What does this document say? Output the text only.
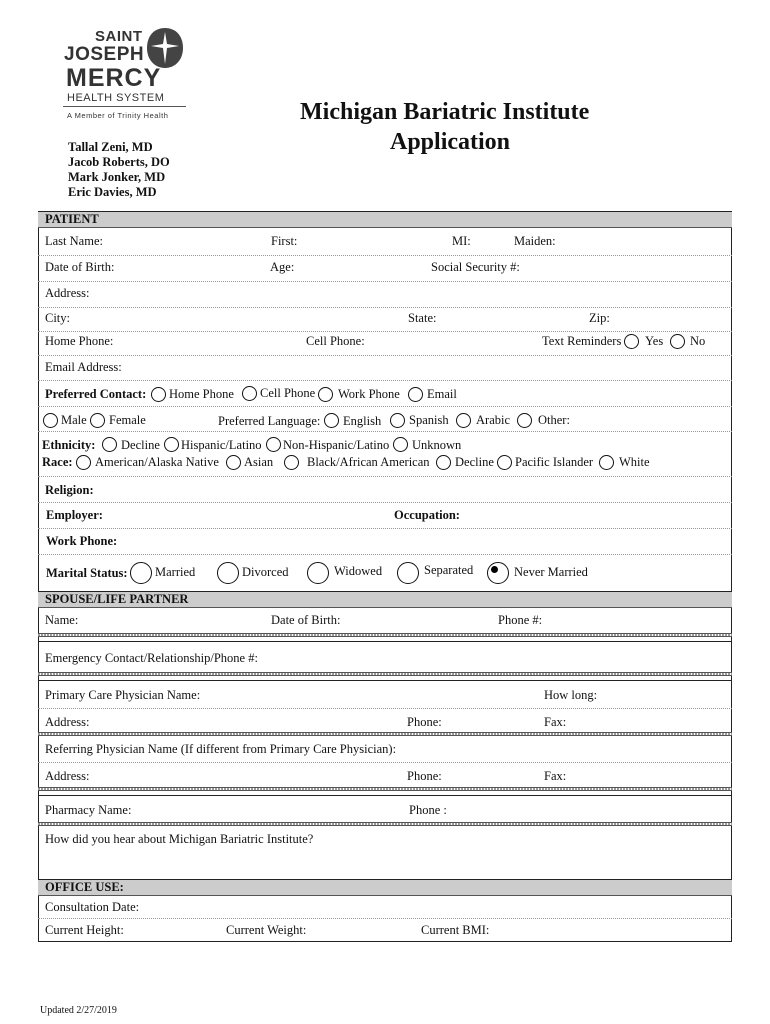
SAINT
JOSEPH
MERCY
HEALTH SYSTEM
A Member of Trinity Health
Tallal Zeni, MD
Jacob Roberts, DO
Mark Jonker, MD
Eric Davies, MD
Michigan Bariatric Institute
Application
PATIENT
Last Name:	First:	MI:	Maiden:
Date of Birth:	Age:	Social Security #:
Address:
City:	State:	Zip:
Home Phone:	Cell Phone:	Text Reminders Yes No
Email Address:
Preferred Contact: Home Phone Cell Phone Work Phone Email
Male Female	Preferred Language: English Spanish Arabic Other:
Ethnicity: Decline Hispanic/Latino Non-Hispanic/Latino Unknown
Race: American/Alaska Native Asian	Black/African American Decline Pacific Islander White
Religion:
Employer:	Occupation:
Work Phone:
Marital Status: Married	Divorced	Widowed	Separated	Never Married
SPOUSE/LIFE PARTNER
Name:	Date of Birth:	Phone #:
Emergency Contact/Relationship/Phone #:
Primary Care Physician Name:	How long:
Address:	Phone:	Fax:
Referring Physician Name (If different from Primary Care Physician):
Address:	Phone:	Fax:
Pharmacy Name:	Phone :
How did you hear about Michigan Bariatric Institute?
OFFICE USE:
Consultation Date:
Current Height:	Current Weight:	Current BMI:
Updated 2/27/2019
